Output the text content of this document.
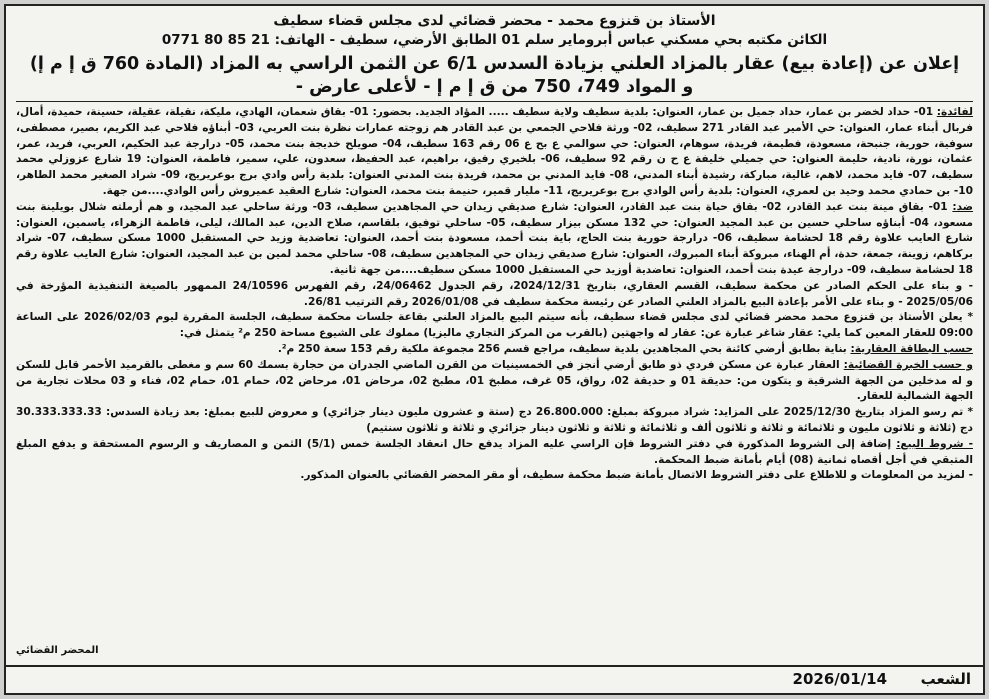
الأستاذ بن قنزوع محمد - محضر قضائي لدى مجلس قضاء سطيف
الكائن مكتبه بحي مسكني عباس أبروماير سلم 01 الطابق الأرضي، سطيف - الهاتف: 21 85 80 0771
إعلان عن (إعادة بيع) عقار بالمزاد العلني بزيادة السدس 6/1 عن الثمن الراسي به المزاد (المادة 760 ق إ م إ)
و المواد 749، 750 من ق إ م إ - لأعلى عارض -

لفائدة: 01- حداد لخضر بن عمار، حداد جميل بن عمار، العنوان: بلدية سطيف ولاية سطيف ..... المؤاد الجديد. بحضور: 01- بقاق شعمان، الهادي، مليكة، نقيلة، عقيلة، حسينة، حميدة، أمال، فربال أبناء عمار، العنوان: حي الأمير عبد القادر 271 سطيف، 02- ورثة فلاحي الجمعي بن عبد القادر هم زوجته عمارات نظرة بنت العربي، 03- أبناؤه فلاحي عبد الكريم، بصير، مصطفى، سوفية، حورية، جنبحة، مسعودة، فطيمة، فريدة، سوهام، العنوان: حي سوالمي ع بح ع 06 رقم 163 سطيف، 04- صويلح خديجة بنت محمد، 05- درارجة عبد الحكيم، العربي، فريد، عمر، عثمان، نورة، نادية، حليمة العنوان: حي جميلي خليفة ع ح ن رقم 92 سطيف، 06- بلخيري رفيق، براهيم، عبد الحفيظ، سعدون، علي، سمير، فاطمة، العنوان: 19 شارع عزوزلي محمد سطيف، 07- فايد محمد، لاهم، غالية، مباركة، رشيدة أبناء المدني، 08- فايد المدني بن محمد، فريدة بنت المدني العنوان: بلدية رأس وادي برج بوعريريج، 09- شراد الصغير محمد الطاهر، 10- بن حمادي محمد وحيد بن لعمري، العنوان: بلدية رأس الوادي برج بوعريريج، 11- مليار قمير، حنيمة بنت محمد، العنوان: شارع العقيد عميروش رأس الوادي....من جهة.

ضد: 01- بقاق مينة بنت عبد القادر، 02- بقاق حياة بنت عبد القادر، العنوان: شارع صديقي زيدان حي المجاهدين سطيف، 03- ورثة ساحلي عبد المجيد، و هم أرملته شلال بويلينة بنت مسعود، 04- أبناؤه ساحلي حسين بن عبد المجيد العنوان: حي 132 مسكن بيزار سطيف، 05- ساحلي توفيق، بلقاسم، صلاح الدين، عبد المالك، ليلى، فاطمة الزهراء، ياسمين، العنوان: شارع العايب علاوة رقم 18 لحشامة سطيف، 06- درارجة حورية بنت الحاج، باية بنت أحمد، مسعودة بنت أحمد، العنوان: تعاضدية وزيد حي المستقبل 1000 مسكن سطيف، 07- شراد بركاهم، زوينة، جمعة، حدة، أم الهناء، مبروكة أبناء المبروك، العنوان: شارع صديقي زيدان حي المجاهدين سطيف، 08- ساحلي محمد لمين بن عبد المجيد، العنوان: شارع العايب علاوة رقم 18 لحشامة سطيف، 09- درارجة عيدة بنت أحمد، العنوان: تعاضدية أوزيد حي المستقبل 1000 مسكن سطيف....من جهة ثانية.

- و بناء على الحكم الصادر عن محكمة سطيف، القسم العقاري، بتاريخ 2024/12/31، رقم الجدول 24/06462، رقم الفهرس 24/10596 الممهور بالصيغة التنفيذية المؤرخة في 2025/05/06 - و بناء على الأمر بإعادة البيع بالمزاد العلني الصادر عن رئيسة محكمة سطيف في 2026/01/08 رقم الترتيب 26/81.

* يعلن الأستاذ بن قنزوع محمد محضر قضائي لدى مجلس قضاء سطيف، بأنه سيتم البيع بالمزاد العلني بقاعة جلسات محكمة سطيف، الجلسة المقررة ليوم 2026/02/03 على الساعة 09:00 للعقار المعين كما يلي: عقار شاغر عبارة عن: عقار له واجهتين (بالقرب من المركز التجاري ماليزيا) مملوك على الشيوع مساحة 250 م² يتمثل في:

حسب البطاقة العقارية: بناية بطابق أرضي كائنة بحي المجاهدين بلدية سطيف، مراجع قسم 256 مجموعة ملكية رقم 153 سعة 250 م².

و حسب الخبرة القضائية: العقار عبارة عن مسكن فردي ذو طابق أرضي أنجز في الخمسينيات من القرن الماضي الجدران من حجارة بسمك 60 سم و مغطى بالقرميد الأحمر قابل للسكن و له مدخلين من الجهة الشرقية و يتكون من: حديقة 01 و حديقة 02، رواق، 05 غرف، مطبخ 01، مطبخ 02، مرحاض 01، مرحاض 02، حمام 01، حمام 02، فناء و 03 محلات تجارية من الجهة الشمالية للعقار.

* تم رسو المزاد بتاريخ 2025/12/30 على المزايد: شراد مبروكة بمبلغ: 26.800.000 دج (ستة و عشرون مليون دينار جزائري) و معروض للبيع بمبلغ: بعد زيادة السدس: 30.333.333.33 دج (ثلاثة و ثلاثون مليون و ثلاثمائة و ثلاثة و ثلاثون ألف و ثلاثمائة و ثلاثة و ثلاثون دينار جزائري و ثلاثة و ثلاثون سنتيم)

- شروط البيع: إضافة إلى الشروط المذكورة في دفتر الشروط فإن الراسي عليه المزاد يدفع حال انعقاد الجلسة خمس (5/1) الثمن و المصاريف و الرسوم المستحقة و يدفع المبلغ المتبقي في أجل أقصاه ثمانية (08) أيام بأمانة ضبط المحكمة.

- لمزيد من المعلومات و للاطلاع على دفتر الشروط الاتصال بأمانة ضبط محكمة سطيف، أو مقر المحضر القضائي بالعنوان المذكور.

المحضر القضائي
الشعب
2026/01/14
